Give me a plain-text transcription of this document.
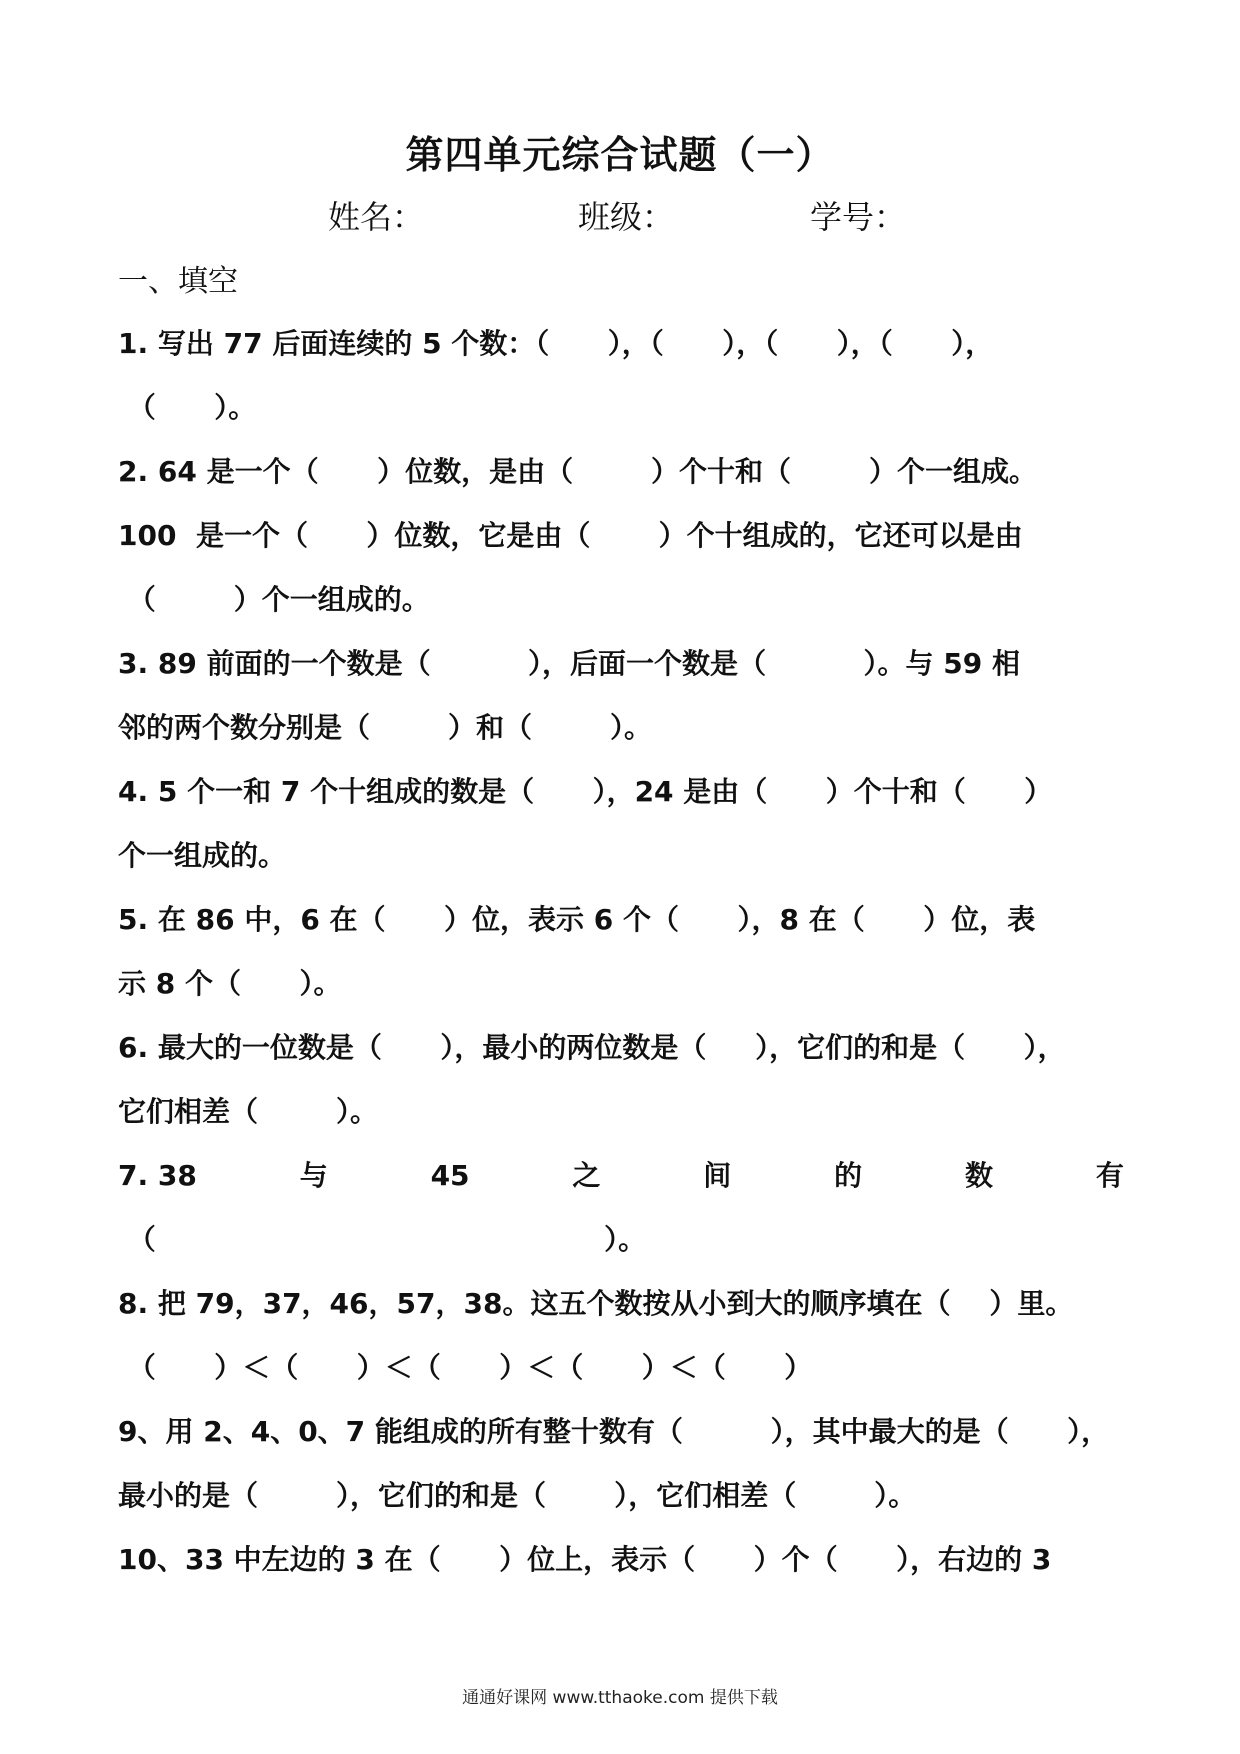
第四单元综合试题（一）
姓名：	班级：	学号：
一、填空
1. 写出 77 后面连续的 5 个数：（      ），（      ），（      ），（      ），
（      ）。
2. 64 是一个（      ）位数，是由（        ）个十和（        ）个一组成。
100  是一个（      ）位数，它是由（       ）个十组成的，它还可以是由
（        ）个一组成的。
3. 89 前面的一个数是（          ），后面一个数是（          ）。与 59 相
邻的两个数分别是（        ）和（        ）。
4. 5 个一和 7 个十组成的数是（      ），24 是由（      ）个十和（      ）
个一组成的。
5. 在 86 中，6 在（      ）位，表示 6 个（      ），8 在（      ）位，表
示 8 个（      ）。
6. 最大的一位数是（      ），最小的两位数是（     ），它们的和是（      ），
它们相差（        ）。
7. 38	与	45	之	间	的	数	有
（                                              ）。
8. 把 79，37，46，57，38。这五个数按从小到大的顺序填在（    ）里。
（      ）＜（      ）＜（      ）＜（      ）＜（      ）
9、用 2、4、0、7 能组成的所有整十数有（         ），其中最大的是（      ），
最小的是（        ），它们的和是（       ），它们相差（        ）。
10、33 中左边的 3 在（      ）位上，表示（      ）个（      ），右边的 3
通通好课网 www.tthaoke.com 提供下载
